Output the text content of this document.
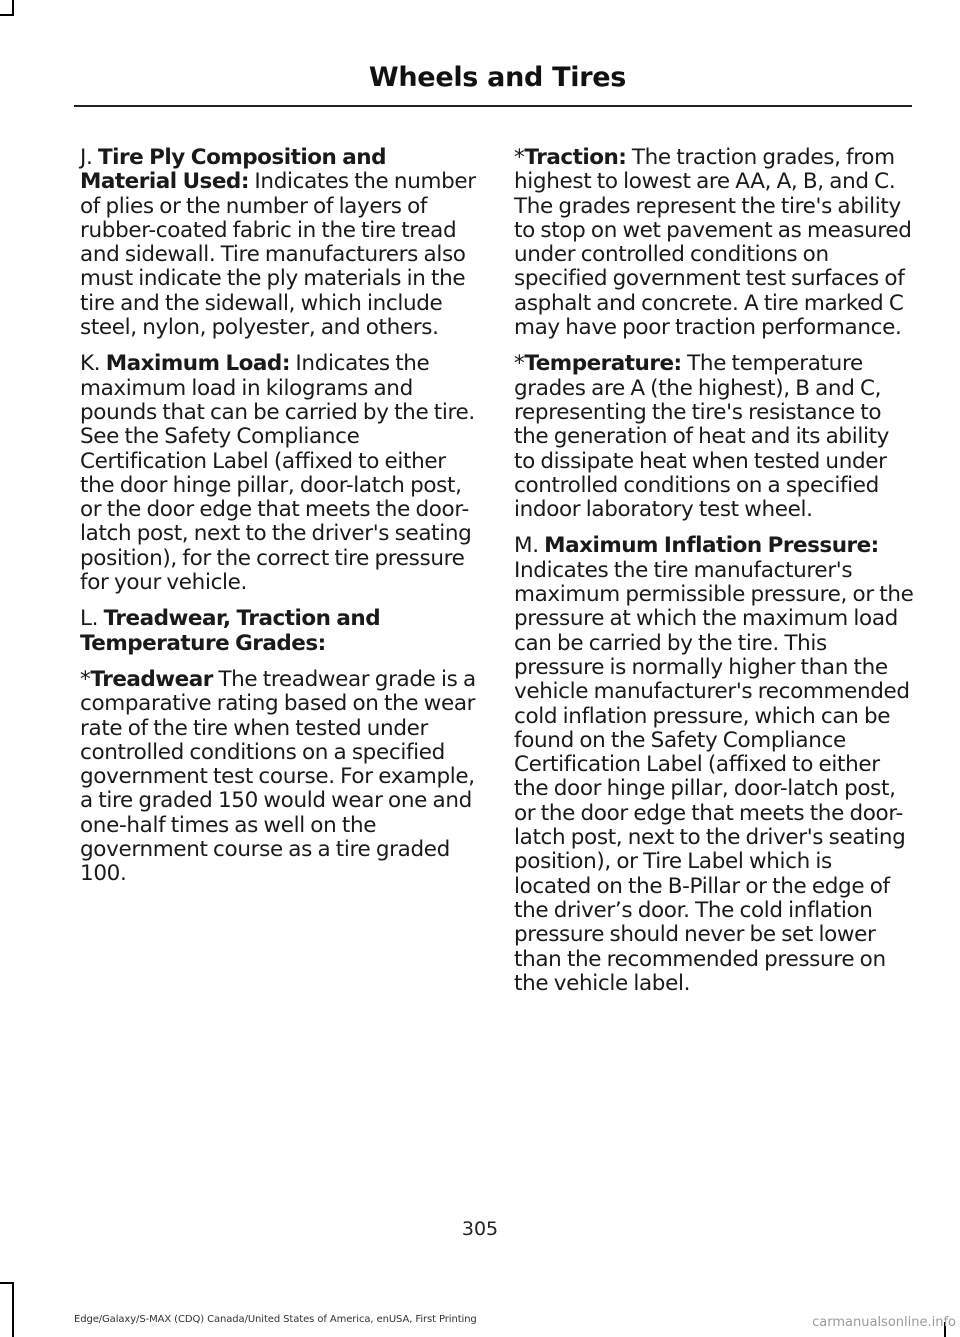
Wheels and Tires

J. Tire Ply Composition and Material Used: Indicates the number of plies or the number of layers of rubber-coated fabric in the tire tread and sidewall. Tire manufacturers also must indicate the ply materials in the tire and the sidewall, which include steel, nylon, polyester, and others.

K. Maximum Load: Indicates the maximum load in kilograms and pounds that can be carried by the tire. See the Safety Compliance Certification Label (affixed to either the door hinge pillar, door-latch post, or the door edge that meets the door-latch post, next to the driver's seating position), for the correct tire pressure for your vehicle.

L. Treadwear, Traction and Temperature Grades:

*Treadwear The treadwear grade is a comparative rating based on the wear rate of the tire when tested under controlled conditions on a specified government test course. For example, a tire graded 150 would wear one and one-half times as well on the government course as a tire graded 100.

*Traction: The traction grades, from highest to lowest are AA, A, B, and C. The grades represent the tire's ability to stop on wet pavement as measured under controlled conditions on specified government test surfaces of asphalt and concrete. A tire marked C may have poor traction performance.

*Temperature: The temperature grades are A (the highest), B and C, representing the tire's resistance to the generation of heat and its ability to dissipate heat when tested under controlled conditions on a specified indoor laboratory test wheel.

M. Maximum Inflation Pressure: Indicates the tire manufacturer's maximum permissible pressure, or the pressure at which the maximum load can be carried by the tire. This pressure is normally higher than the vehicle manufacturer's recommended cold inflation pressure, which can be found on the Safety Compliance Certification Label (affixed to either the door hinge pillar, door-latch post, or the door edge that meets the door-latch post, next to the driver's seating position), or Tire Label which is located on the B-Pillar or the edge of the driver’s door. The cold inflation pressure should never be set lower than the recommended pressure on the vehicle label.

305
Edge/Galaxy/S-MAX (CDQ) Canada/United States of America, enUSA, First Printing	carmanualsonline.info
